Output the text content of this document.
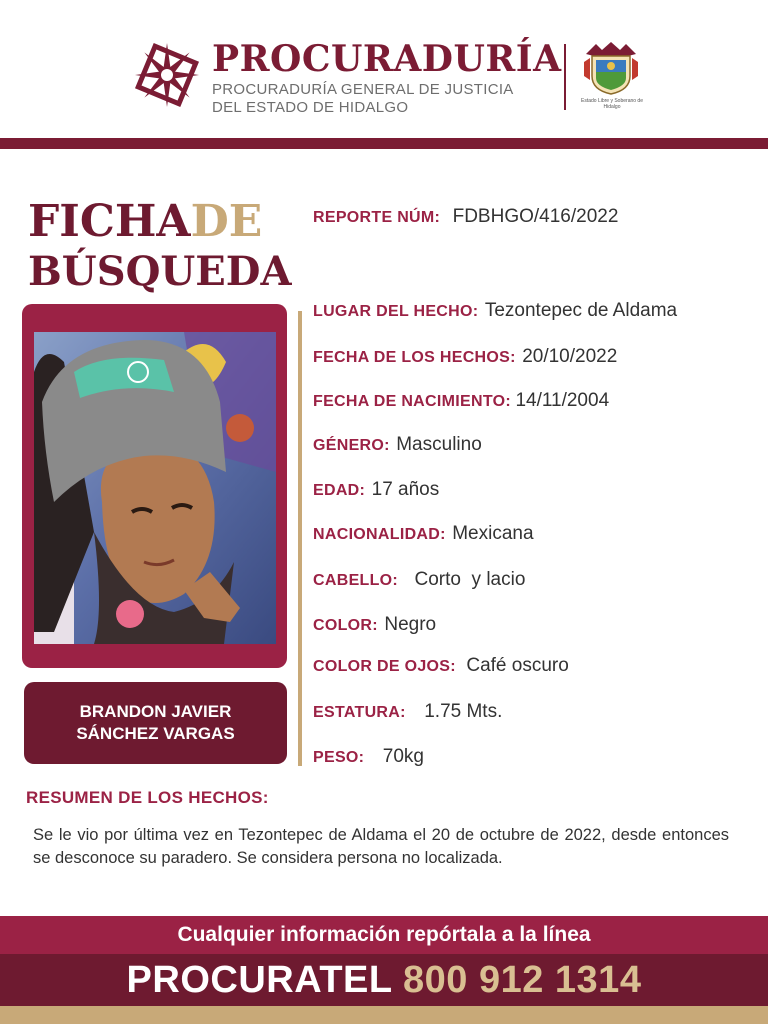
PROCURADURÍA
PROCURADURÍA GENERAL DE JUSTICIA
DEL ESTADO DE HIDALGO	Estado Libre y Soberano de Hidalgo
FICHADE
BÚSQUEDA
BRANDON JAVIER
SÁNCHEZ VARGAS
REPORTE NÚM: FDBHGO/416/2022
LUGAR DEL HECHO: Tezontepec de Aldama
FECHA DE LOS HECHOS: 20/10/2022
FECHA DE NACIMIENTO: 14/11/2004
GÉNERO: Masculino
EDAD: 17 años
NACIONALIDAD: Mexicana
CABELLO: Corto  y lacio
COLOR: Negro
COLOR DE OJOS: Café oscuro
ESTATURA: 1.75 Mts.
PESO: 70kg
RESUMEN DE LOS HECHOS:
Se le vio por última vez en Tezontepec de Aldama el 20 de octubre de 2022, desde entonces se desconoce su paradero. Se considera persona no localizada.
Cualquier información repórtala a la línea
PROCURATEL 800 912 1314
